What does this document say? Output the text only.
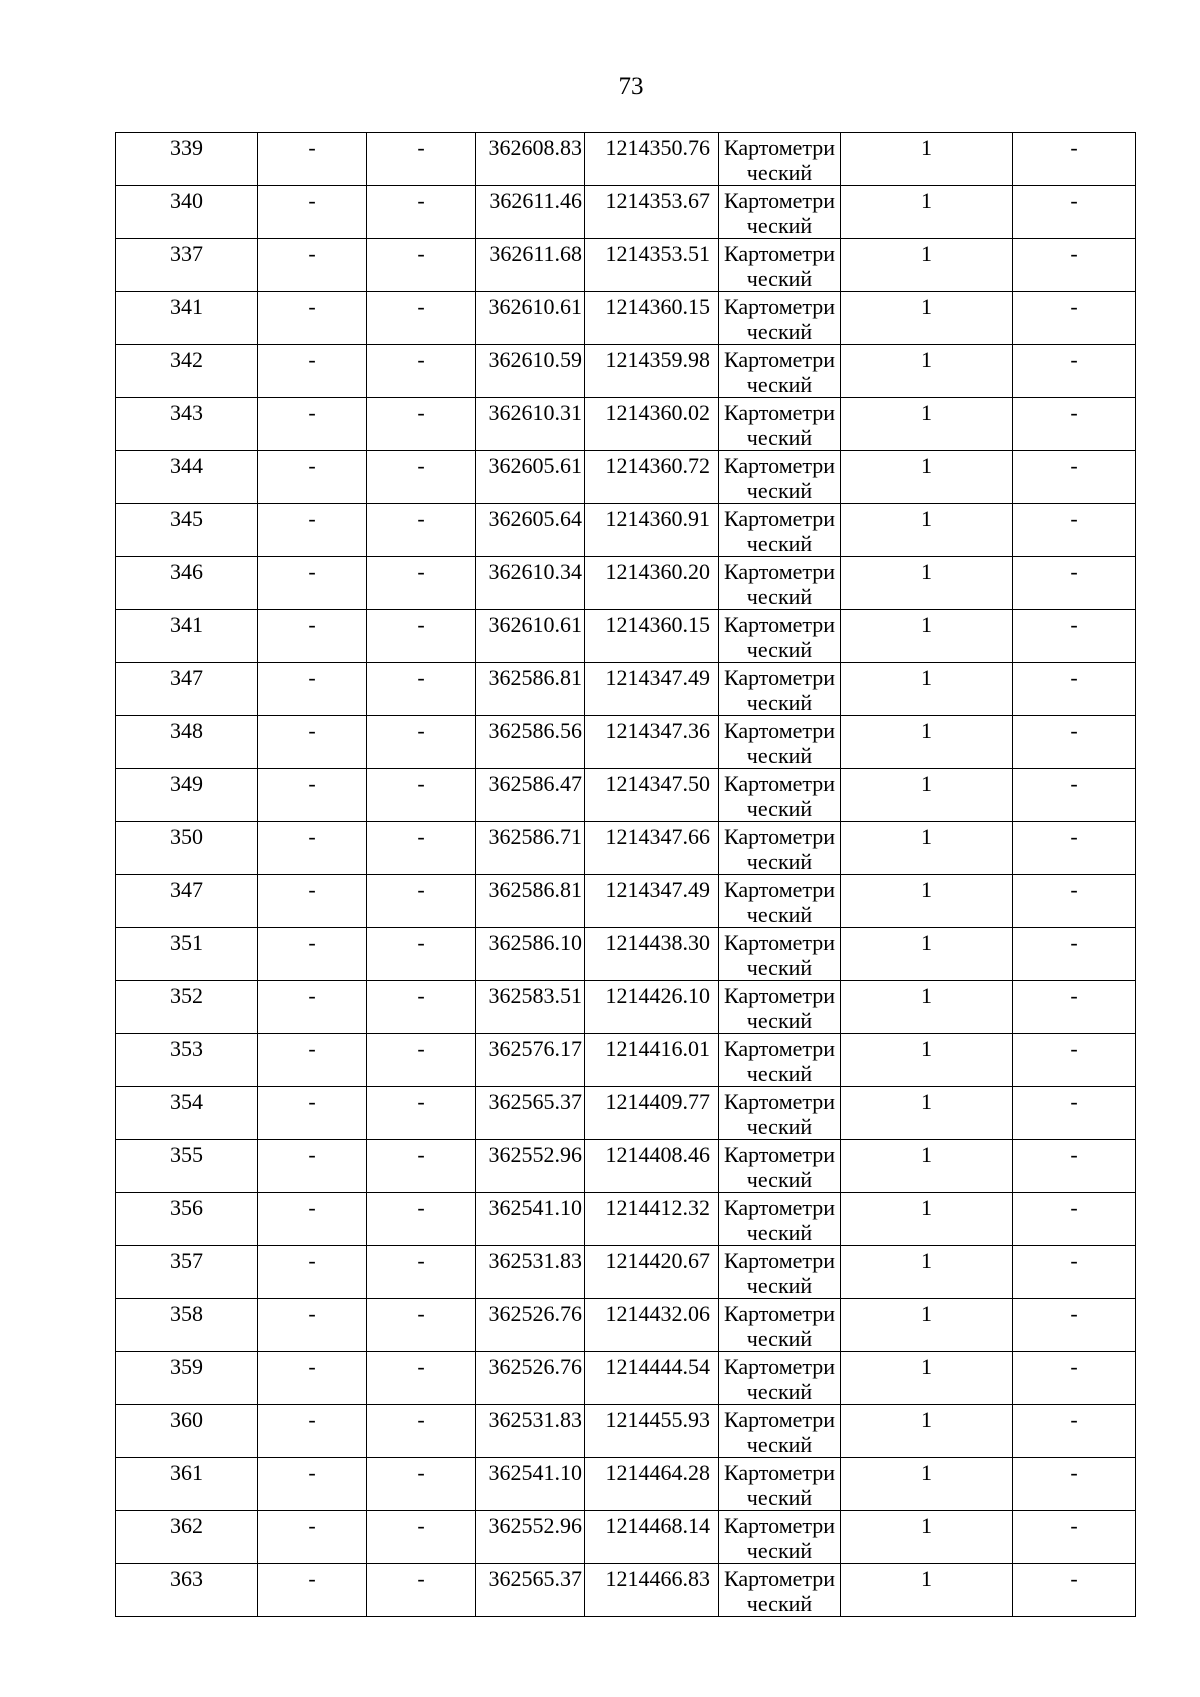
73
339	-	-	362608.83	1214350.76	Картометрический	1	-
340	-	-	362611.46	1214353.67	Картометрический	1	-
337	-	-	362611.68	1214353.51	Картометрический	1	-
341	-	-	362610.61	1214360.15	Картометрический	1	-
342	-	-	362610.59	1214359.98	Картометрический	1	-
343	-	-	362610.31	1214360.02	Картометрический	1	-
344	-	-	362605.61	1214360.72	Картометрический	1	-
345	-	-	362605.64	1214360.91	Картометрический	1	-
346	-	-	362610.34	1214360.20	Картометрический	1	-
341	-	-	362610.61	1214360.15	Картометрический	1	-
347	-	-	362586.81	1214347.49	Картометрический	1	-
348	-	-	362586.56	1214347.36	Картометрический	1	-
349	-	-	362586.47	1214347.50	Картометрический	1	-
350	-	-	362586.71	1214347.66	Картометрический	1	-
347	-	-	362586.81	1214347.49	Картометрический	1	-
351	-	-	362586.10	1214438.30	Картометрический	1	-
352	-	-	362583.51	1214426.10	Картометрический	1	-
353	-	-	362576.17	1214416.01	Картометрический	1	-
354	-	-	362565.37	1214409.77	Картометрический	1	-
355	-	-	362552.96	1214408.46	Картометрический	1	-
356	-	-	362541.10	1214412.32	Картометрический	1	-
357	-	-	362531.83	1214420.67	Картометрический	1	-
358	-	-	362526.76	1214432.06	Картометрический	1	-
359	-	-	362526.76	1214444.54	Картометрический	1	-
360	-	-	362531.83	1214455.93	Картометрический	1	-
361	-	-	362541.10	1214464.28	Картометрический	1	-
362	-	-	362552.96	1214468.14	Картометрический	1	-
363	-	-	362565.37	1214466.83	Картометрический	1	-
